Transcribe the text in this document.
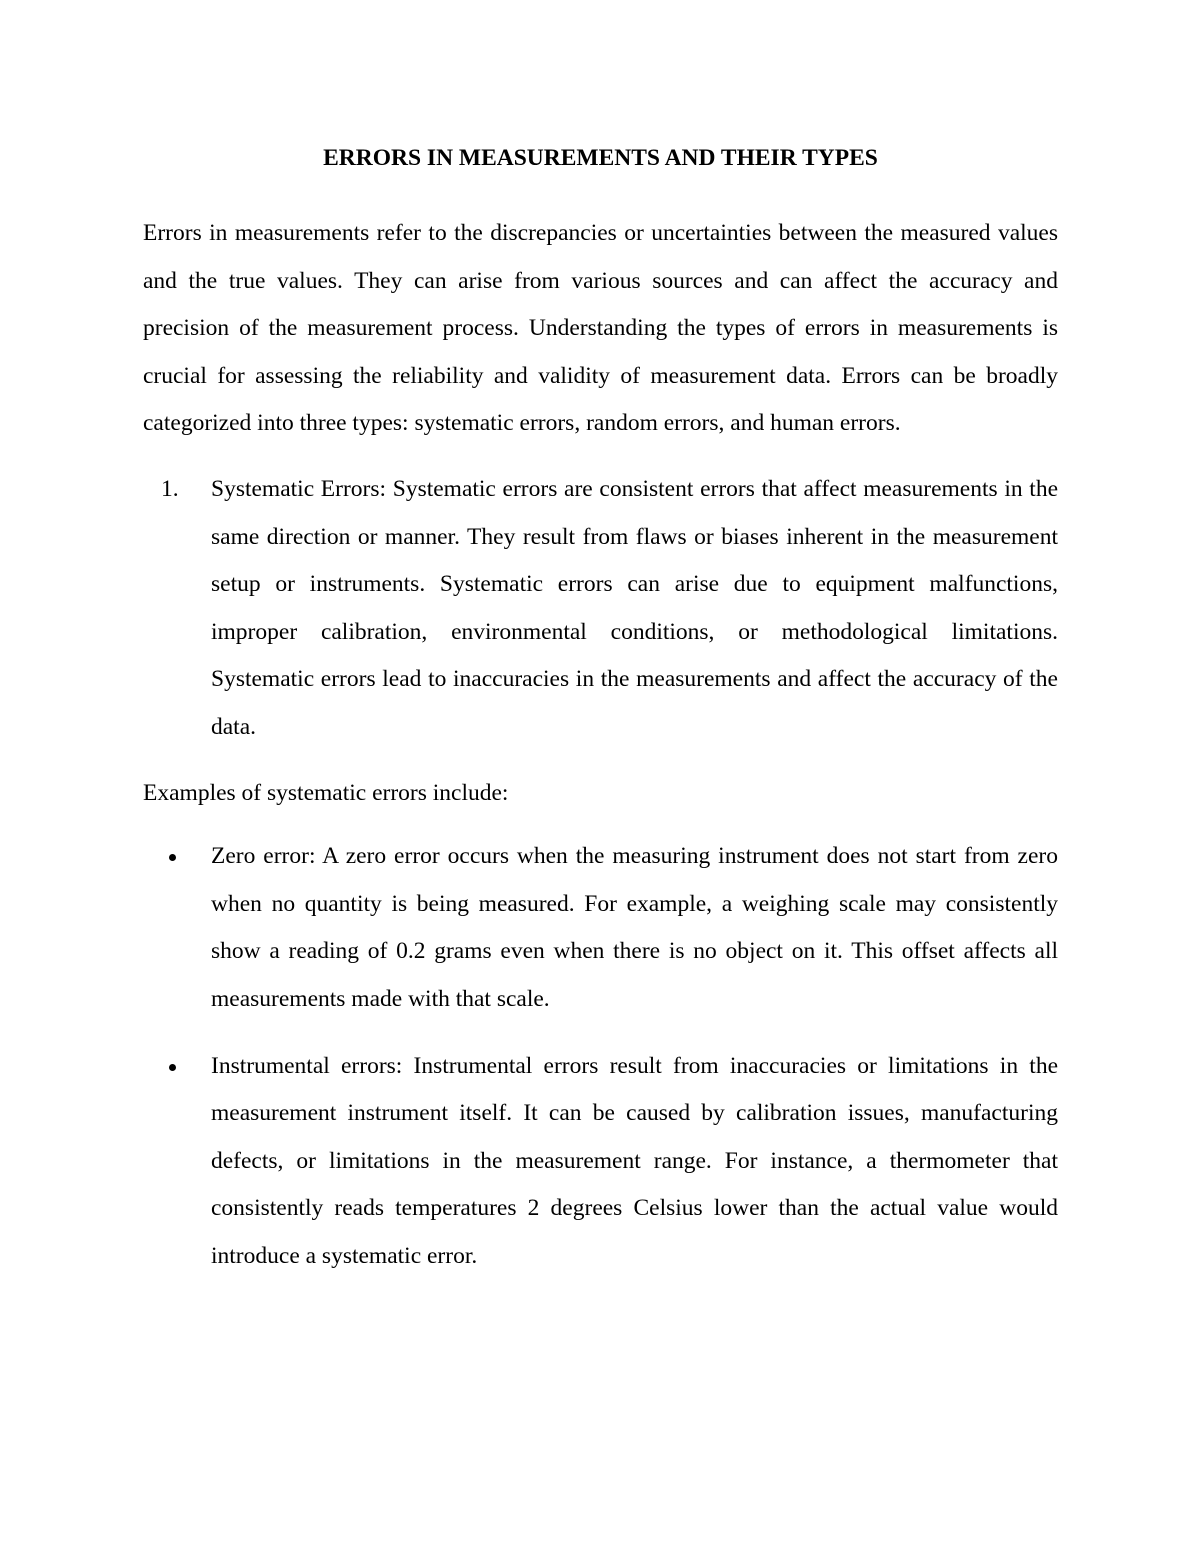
ERRORS IN MEASUREMENTS AND THEIR TYPES

Errors in measurements refer to the discrepancies or uncertainties between the measured values and the true values. They can arise from various sources and can affect the accuracy and precision of the measurement process. Understanding the types of errors in measurements is crucial for assessing the reliability and validity of measurement data. Errors can be broadly categorized into three types: systematic errors, random errors, and human errors.

1. Systematic Errors: Systematic errors are consistent errors that affect measurements in the same direction or manner. They result from flaws or biases inherent in the measurement setup or instruments. Systematic errors can arise due to equipment malfunctions, improper calibration, environmental conditions, or methodological limitations. Systematic errors lead to inaccuracies in the measurements and affect the accuracy of the data.

Examples of systematic errors include:

Zero error: A zero error occurs when the measuring instrument does not start from zero when no quantity is being measured. For example, a weighing scale may consistently show a reading of 0.2 grams even when there is no object on it. This offset affects all measurements made with that scale.
Instrumental errors: Instrumental errors result from inaccuracies or limitations in the measurement instrument itself. It can be caused by calibration issues, manufacturing defects, or limitations in the measurement range. For instance, a thermometer that consistently reads temperatures 2 degrees Celsius lower than the actual value would introduce a systematic error.
